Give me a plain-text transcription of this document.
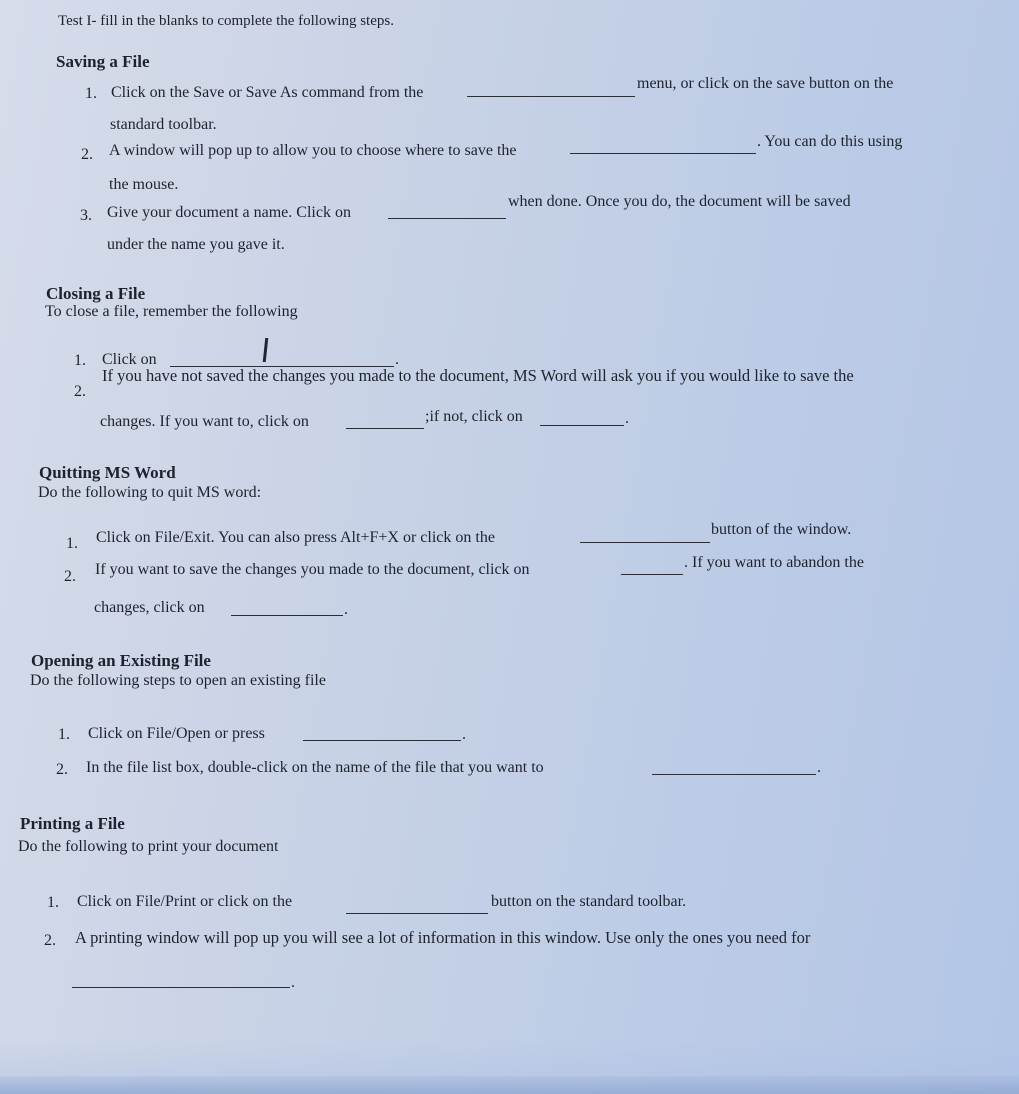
Test I- fill in the blanks to complete the following steps.
Saving a File
1. Click on the Save or Save As command from the
menu, or click on the save button on the
standard toolbar.
2. A window will pop up to allow you to choose where to save the
. You can do this using
the mouse.
3. Give your document a name. Click on
when done. Once you do, the document will be saved
under the name you gave it.
Closing a File
To close a file, remember the following
1. Click on	.
2.
If you have not saved the changes you made to the document, MS Word will ask you if you would like to save the
changes. If you want to, click on	;if not, click on	.
Quitting MS Word
Do the following to quit MS word:
1. Click on File/Exit. You can also press Alt+F+X or click on the	button of the window.
2. If you want to save the changes you made to the document, click on	. If you want to abandon the
changes, click on	.
Opening an Existing File
Do the following steps to open an existing file
1. Click on File/Open or press	.
2. In the file list box, double-click on the name of the file that you want to	.
Printing a File
Do the following to print your document
1. Click on File/Print or click on the	button on the standard toolbar.
2. A printing window will pop up you will see a lot of information in this window. Use only the ones you need for
.
